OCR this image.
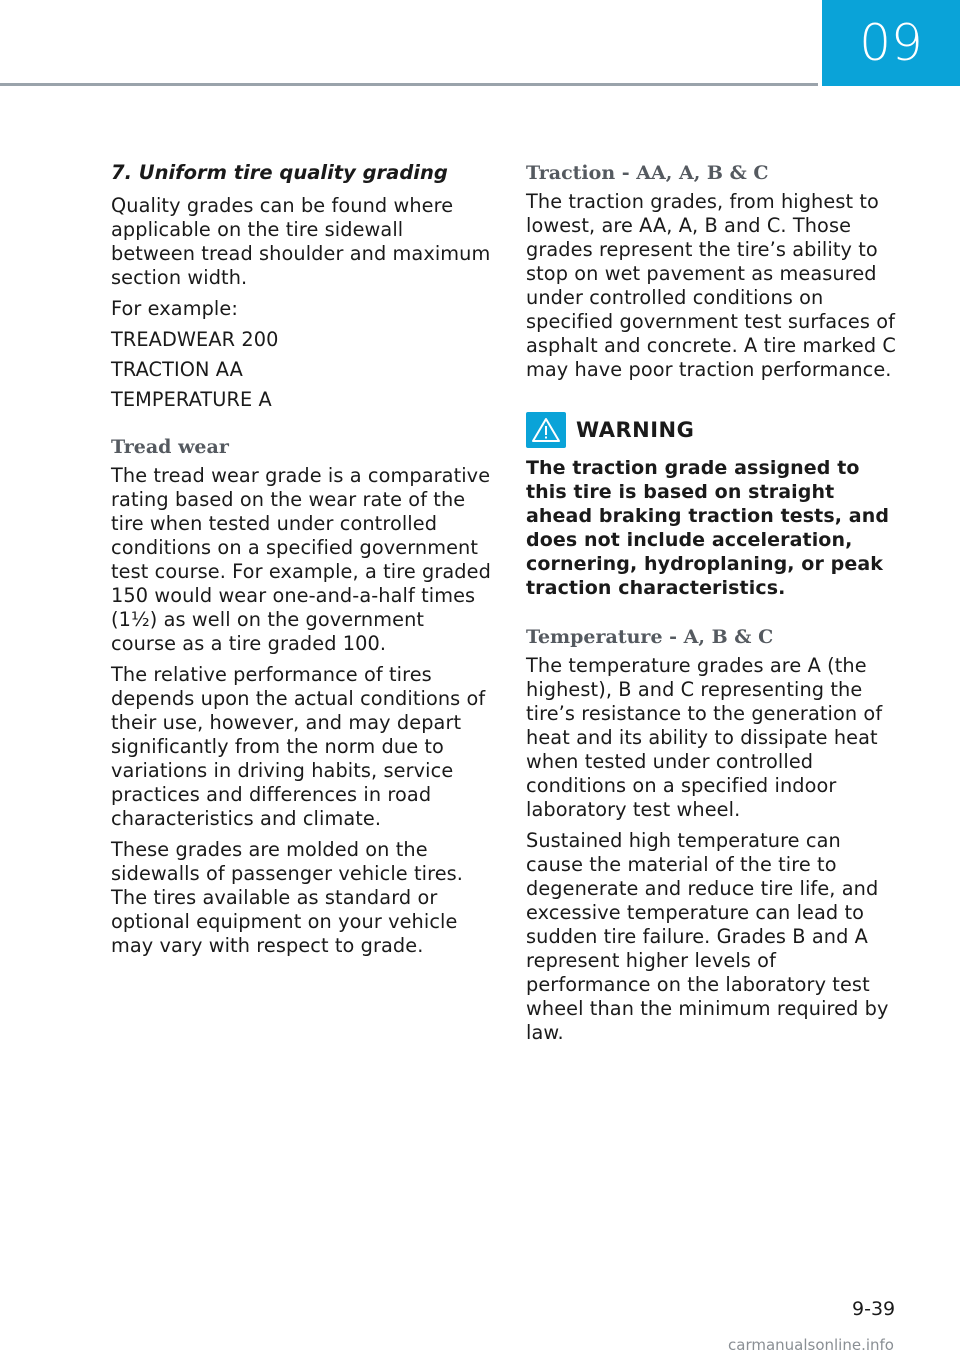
09
7. Uniform tire quality grading

Quality grades can be found where applicable on the tire sidewall between tread shoulder and maximum section width.

For example:

TREADWEAR 200

TRACTION AA

TEMPERATURE A

Tread wear

The tread wear grade is a comparative rating based on the wear rate of the tire when tested under controlled conditions on a specified government test course. For example, a tire graded 150 would wear one-and-a-half times (1½) as well on the government course as a tire graded 100.

The relative performance of tires depends upon the actual conditions of their use, however, and may depart significantly from the norm due to variations in driving habits, service practices and differences in road characteristics and climate.

These grades are molded on the sidewalls of passenger vehicle tires. The tires available as standard or optional equipment on your vehicle may vary with respect to grade.

Traction - AA, A, B & C

The traction grades, from highest to lowest, are AA, A, B and C. Those grades represent the tire’s ability to stop on wet pavement as measured under controlled conditions on specified government test surfaces of asphalt and concrete. A tire marked C may have poor traction performance.

WARNING

The traction grade assigned to this tire is based on straight ahead braking traction tests, and does not include acceleration, cornering, hydroplaning, or peak traction characteristics.

Temperature - A, B & C

The temperature grades are A (the highest), B and C representing the tire’s resistance to the generation of heat and its ability to dissipate heat when tested under controlled conditions on a specified indoor laboratory test wheel.

Sustained high temperature can cause the material of the tire to degenerate and reduce tire life, and excessive temperature can lead to sudden tire failure. Grades B and A represent higher levels of performance on the laboratory test wheel than the minimum required by law.

9-39
carmanualsonline.info
